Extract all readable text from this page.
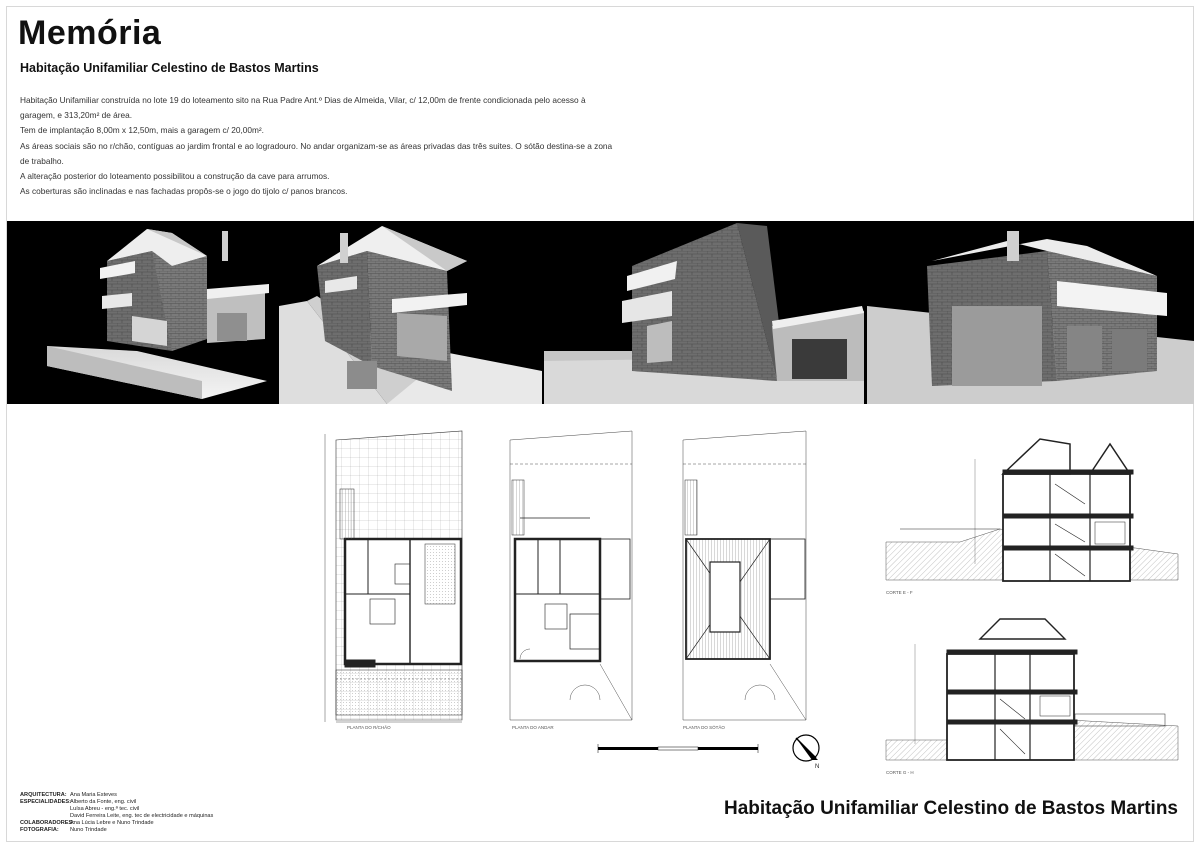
Memória
Habitação Unifamiliar Celestino de Bastos Martins

Habitação Unifamiliar construída no lote 19 do loteamento sito na Rua Padre Ant.º Dias de Almeida, Vilar, c/ 12,00m de frente condicionada pelo acesso à garagem, e 313,20m² de área.

Tem de implantação 8,00m x 12,50m, mais a garagem c/ 20,00m².

As áreas sociais são no r/chão, contíguas ao jardim frontal e ao logradouro. No andar organizam-se as áreas privadas das três suites. O sótão destina-se a zona de trabalho.

A alteração posterior do loteamento possibilitou a construção da cave para arrumos.

As coberturas são inclinadas e nas fachadas propôs-se o jogo do tijolo c/ panos brancos.

N
PLANTA DO R/CHÃO	PLANTA DO ANDAR	PLANTA DO SÓTÃO
CORTE E - F
CORTE G - H
ARQUITECTURA: Ana Maria Esteves
ESPECIALIDADES: Alberto da Fonte, eng. civil
Luísa Abreu - eng.ª tec. civil
David Ferreira Leite, eng. tec de electricidade e máquinas
COLABORADORES:
Ana Lúcia Lebre e Nuno Trindade
FOTOGRAFIA:	Nuno Trindade
Habitação Unifamiliar Celestino de Bastos Martins
